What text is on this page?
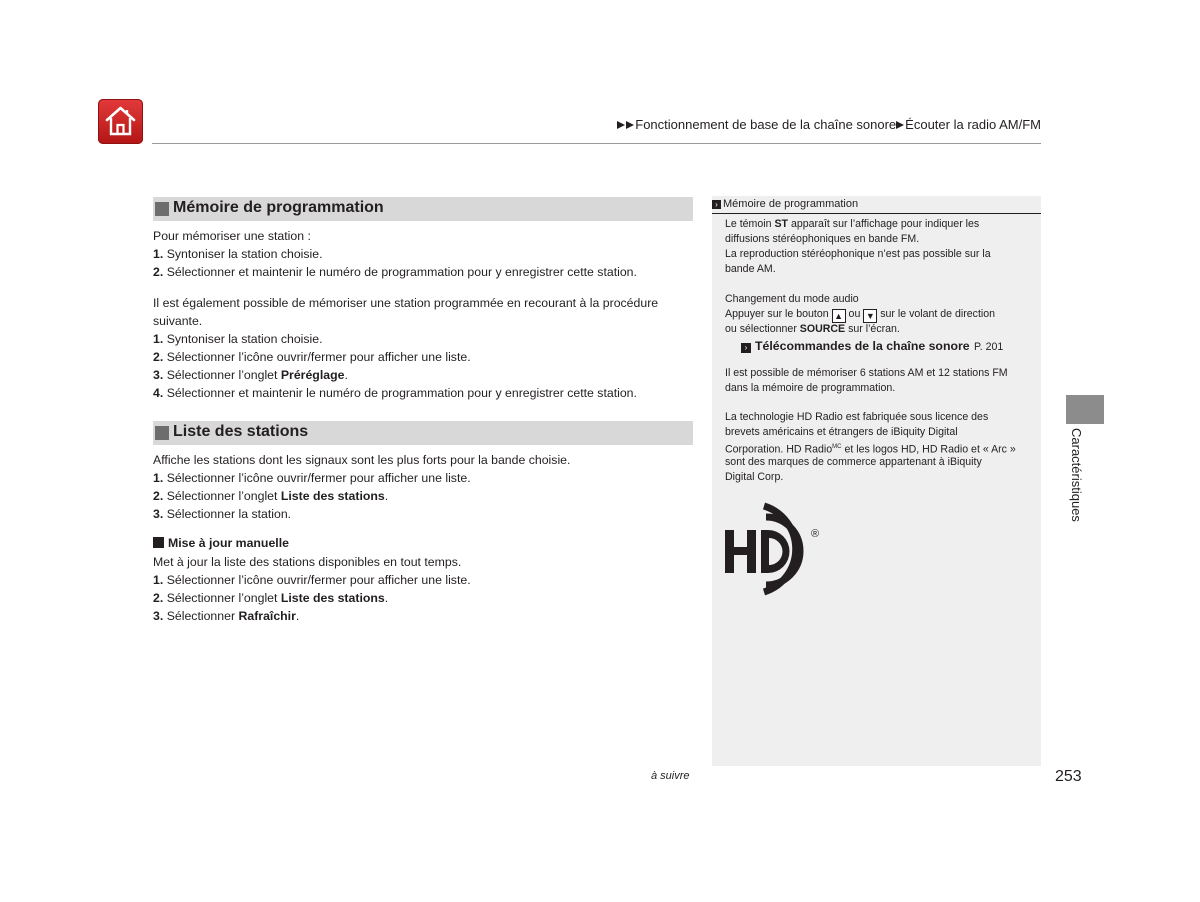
Fonctionnement de base de la chaîne sonore Écouter la radio AM/FM
Mémoire de programmation
Pour mémoriser une station :
1. Syntoniser la station choisie.
2. Sélectionner et maintenir le numéro de programmation pour y enregistrer cette station.
Il est également possible de mémoriser une station programmée en recourant à la procédure
suivante.
1. Syntoniser la station choisie.
2. Sélectionner l’icône ouvrir/fermer pour afficher une liste.
3. Sélectionner l’onglet Préréglage.
4. Sélectionner et maintenir le numéro de programmation pour y enregistrer cette station.
Liste des stations
Affiche les stations dont les signaux sont les plus forts pour la bande choisie.
1. Sélectionner l’icône ouvrir/fermer pour afficher une liste.
2. Sélectionner l’onglet Liste des stations.
3. Sélectionner la station.
Mise à jour manuelle
Met à jour la liste des stations disponibles en tout temps.
1. Sélectionner l’icône ouvrir/fermer pour afficher une liste.
2. Sélectionner l’onglet Liste des stations.
3. Sélectionner Rafraîchir.
› Mémoire de programmation
Le témoin ST apparaît sur l’affichage pour indiquer les
diffusions stéréophoniques en bande FM.
La reproduction stéréophonique n’est pas possible sur la
bande AM.
Changement du mode audio
Appuyer sur le bouton ▲ ou ▼ sur le volant de direction
ou sélectionner SOURCE sur l’écran.
› Télécommandes de la chaîne sonore P. 201
Il est possible de mémoriser 6 stations AM et 12 stations FM
dans la mémoire de programmation.
La technologie HD Radio est fabriquée sous licence des
brevets américains et étrangers de iBiquity Digital
Corporation. HD Radio$^{MC}$ et les logos HD, HD Radio et « Arc »
sont des marques de commerce appartenant à iBiquity
Digital Corp.
®
Caractéristiques
à suivre	253
